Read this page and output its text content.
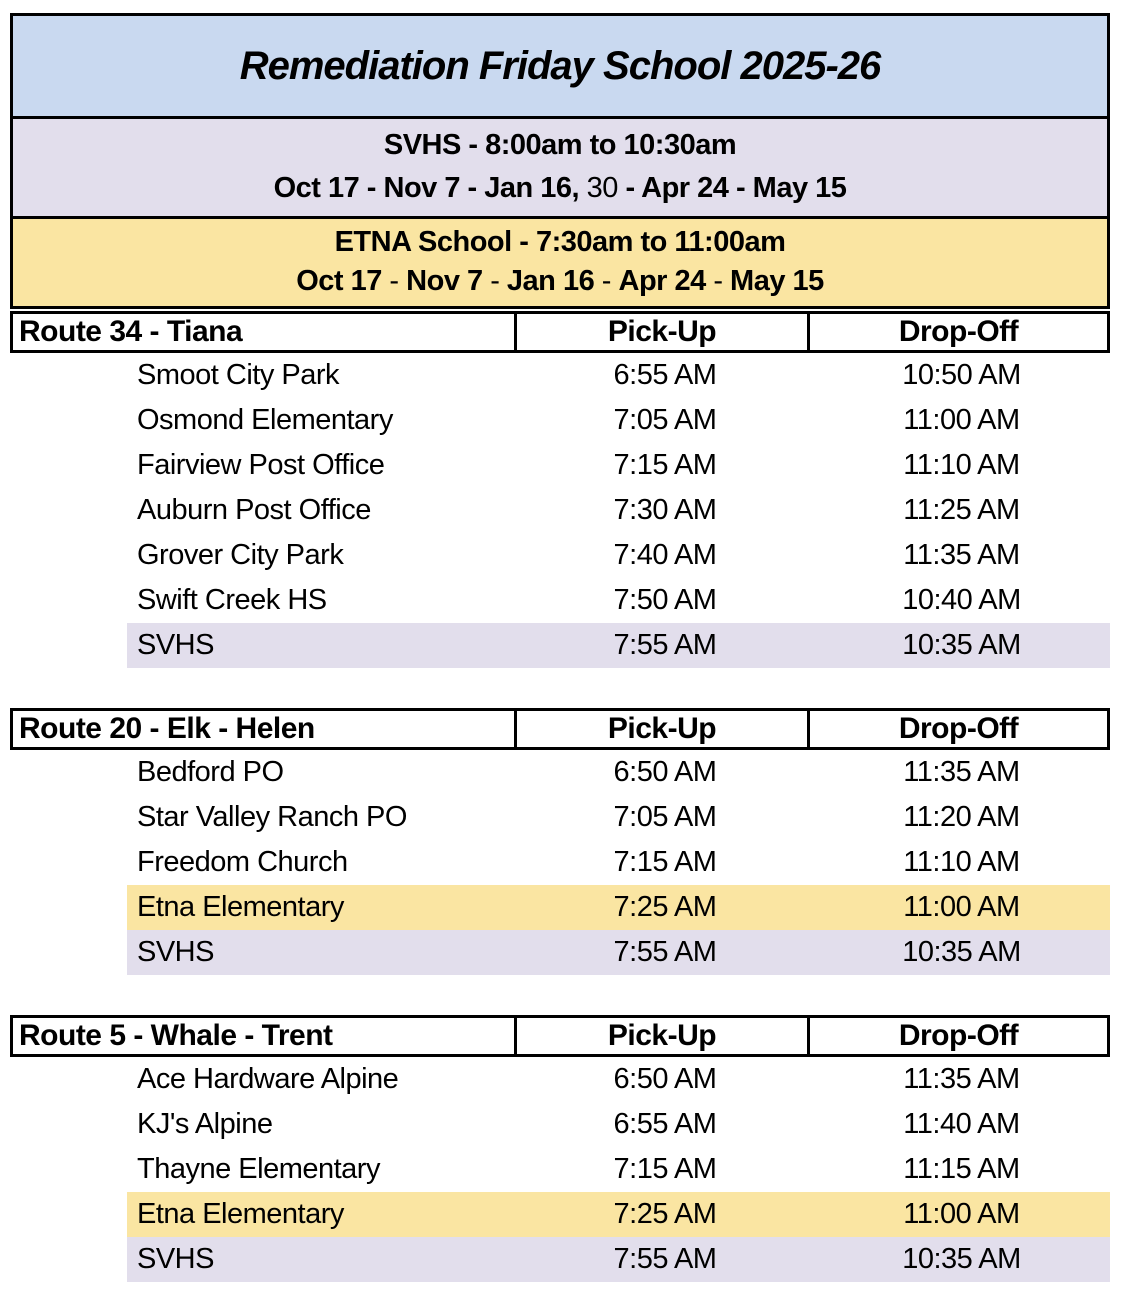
Remediation Friday School 2025-26
SVHS - 8:00am to 10:30am
Oct 17 - Nov 7 - Jan 16, 30 - Apr 24 - May 15
ETNA School - 7:30am to 11:00am
Oct 17 - Nov 7 - Jan 16 - Apr 24 - May 15
Route 34 - Tiana	Pick-Up	Drop-Off
Smoot City Park	6:55 AM	10:50 AM
Osmond Elementary	7:05 AM	11:00 AM
Fairview Post Office	7:15 AM	11:10 AM
Auburn Post Office	7:30 AM	11:25 AM
Grover City Park	7:40 AM	11:35 AM
Swift Creek HS	7:50 AM	10:40 AM
SVHS	7:55 AM	10:35 AM
Route 20 - Elk - Helen	Pick-Up	Drop-Off
Bedford PO	6:50 AM	11:35 AM
Star Valley Ranch PO	7:05 AM	11:20 AM
Freedom Church	7:15 AM	11:10 AM
Etna Elementary	7:25 AM	11:00 AM
SVHS	7:55 AM	10:35 AM
Route 5 - Whale - Trent	Pick-Up	Drop-Off
Ace Hardware Alpine	6:50 AM	11:35 AM
KJ's Alpine	6:55 AM	11:40 AM
Thayne Elementary	7:15 AM	11:15 AM
Etna Elementary	7:25 AM	11:00 AM
SVHS	7:55 AM	10:35 AM
